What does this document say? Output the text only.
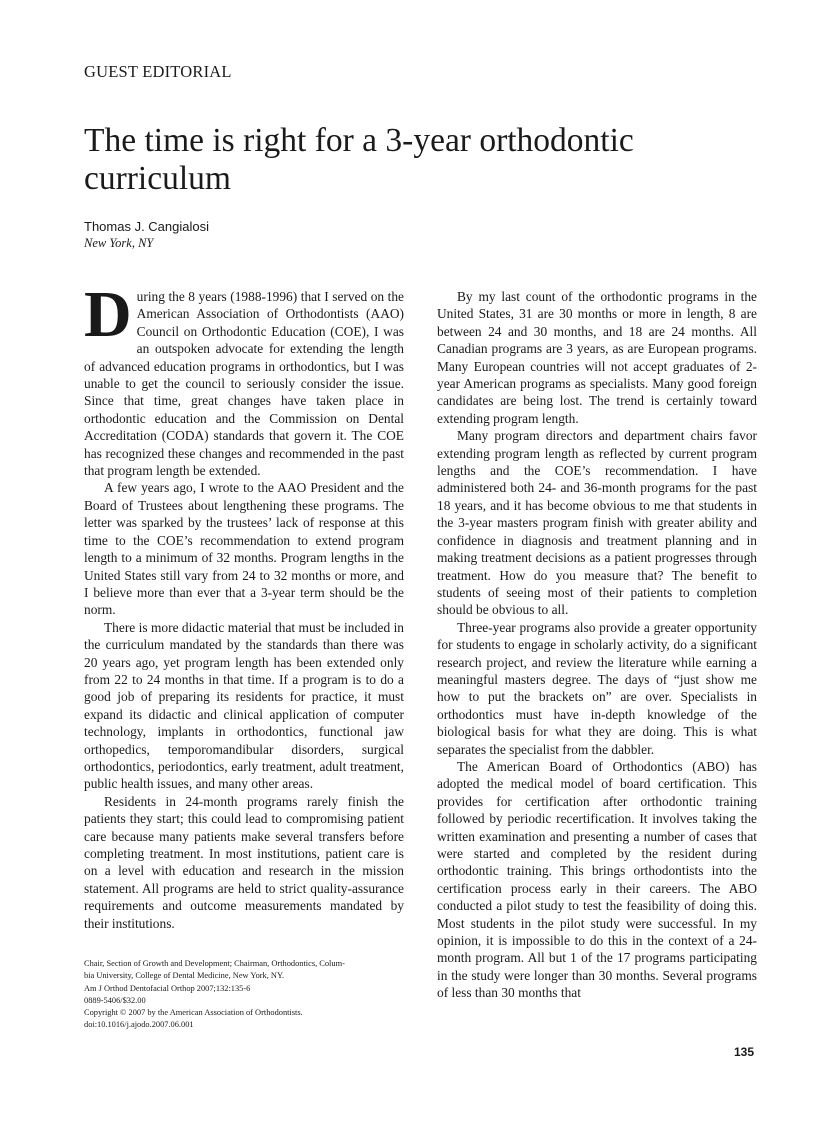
GUEST EDITORIAL
The time is right for a 3-year orthodontic curriculum
Thomas J. Cangialosi
New York, NY

During the 8 years (1988-1996) that I served on the American Association of Orthodontists (AAO) Council on Orthodontic Education (COE), I was an outspoken advocate for extending the length of advanced education programs in orthodontics, but I was unable to get the council to seriously consider the issue. Since that time, great changes have taken place in orthodontic education and the Commission on Dental Accreditation (CODA) standards that govern it. The COE has recognized these changes and recommended in the past that program length be extended.

A few years ago, I wrote to the AAO President and the Board of Trustees about lengthening these programs. The letter was sparked by the trustees’ lack of response at this time to the COE’s recommendation to extend program length to a minimum of 32 months. Program lengths in the United States still vary from 24 to 32 months or more, and I believe more than ever that a 3-year term should be the norm.

There is more didactic material that must be included in the curriculum mandated by the standards than there was 20 years ago, yet program length has been extended only from 22 to 24 months in that time. If a program is to do a good job of preparing its residents for practice, it must expand its didactic and clinical application of computer technology, implants in orthodontics, functional jaw orthopedics, temporomandibular disorders, surgical orthodontics, periodontics, early treatment, adult treatment, public health issues, and many other areas.

Residents in 24-month programs rarely finish the patients they start; this could lead to compromising patient care because many patients make several transfers before completing treatment. In most institutions, patient care is on a level with education and research in the mission statement. All programs are held to strict quality-assurance requirements and outcome measurements mandated by their institutions.

By my last count of the orthodontic programs in the United States, 31 are 30 months or more in length, 8 are between 24 and 30 months, and 18 are 24 months. All Canadian programs are 3 years, as are European programs. Many European countries will not accept graduates of 2-year American programs as specialists. Many good foreign candidates are being lost. The trend is certainly toward extending program length.

Many program directors and department chairs favor extending program length as reflected by current program lengths and the COE’s recommendation. I have administered both 24- and 36-month programs for the past 18 years, and it has become obvious to me that students in the 3-year masters program finish with greater ability and confidence in diagnosis and treatment planning and in making treatment decisions as a patient progresses through treatment. How do you measure that? The benefit to students of seeing most of their patients to completion should be obvious to all.

Three-year programs also provide a greater opportunity for students to engage in scholarly activity, do a significant research project, and review the literature while earning a meaningful masters degree. The days of “just show me how to put the brackets on” are over. Specialists in orthodontics must have in-depth knowledge of the biological basis for what they are doing. This is what separates the specialist from the dabbler.

The American Board of Orthodontics (ABO) has adopted the medical model of board certification. This provides for certification after orthodontic training followed by periodic recertification. It involves taking the written examination and presenting a number of cases that were started and completed by the resident during orthodontic training. This brings orthodontists into the certification process early in their careers. The ABO conducted a pilot study to test the feasibility of doing this. Most students in the pilot study were successful. In my opinion, it is impossible to do this in the context of a 24-month program. All but 1 of the 17 programs participating in the study were longer than 30 months. Several programs of less than 30 months that

Chair, Section of Growth and Development; Chairman, Orthodontics, Colum-
bia University, College of Dental Medicine, New York, NY.
Am J Orthod Dentofacial Orthop 2007;132:135-6
0889-5406/$32.00
Copyright © 2007 by the American Association of Orthodontists.
doi:10.1016/j.ajodo.2007.06.001
135
